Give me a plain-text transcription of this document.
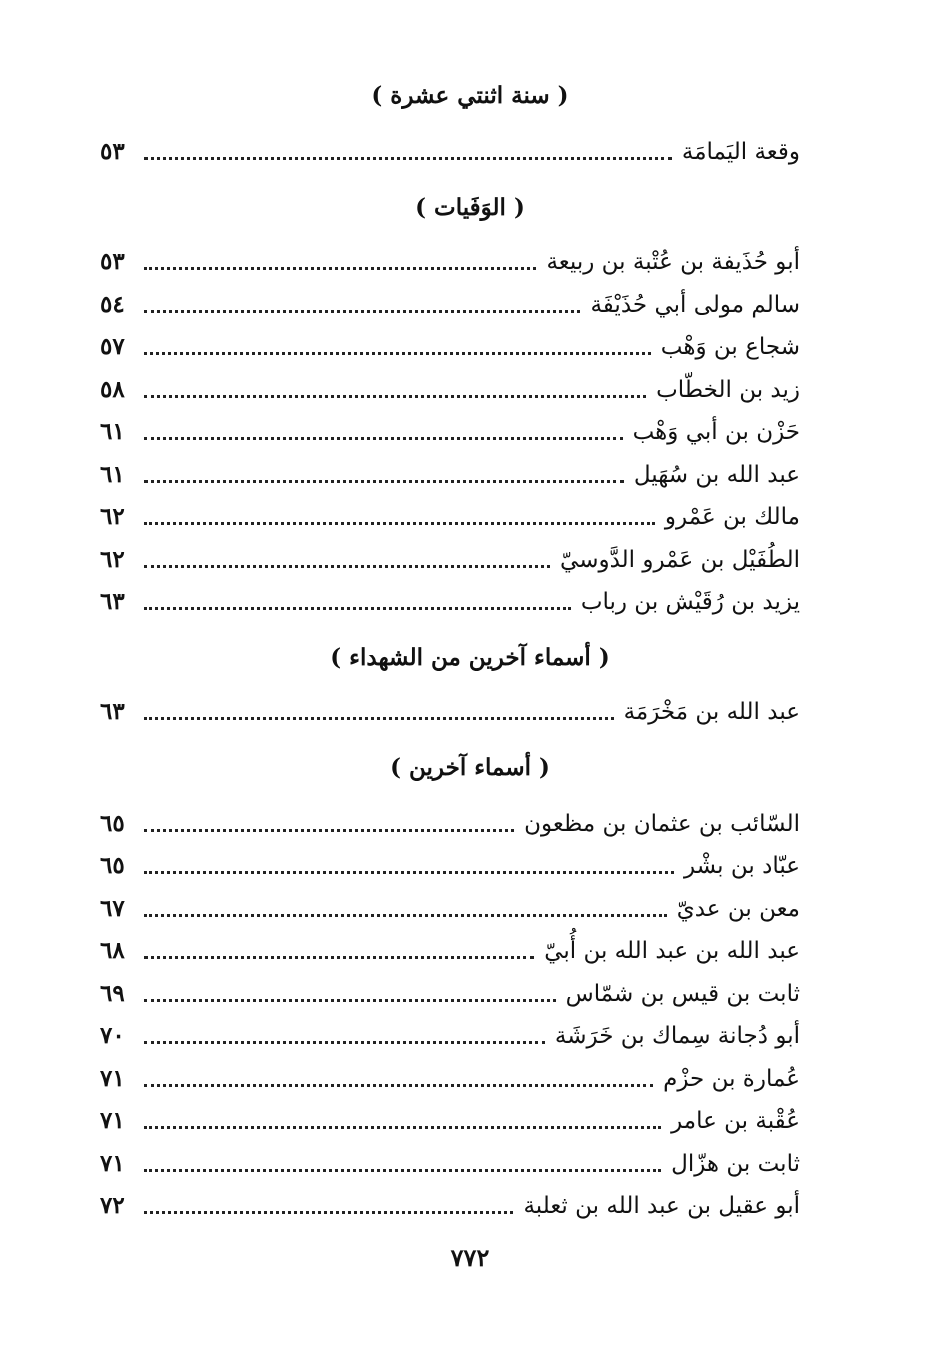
( سنة اثنتي عشرة )
وقعة اليَمامَة
٥٣
( الوَفَيات )
أبو حُذَيفة بن عُتْبة بن ربيعة
٥٣
سالم مولى أبي حُذَيْفَة
٥٤
شجاع بن وَهْب
٥٧
زيد بن الخطّاب
٥٨
حَزْن بن أبي وَهْب
٦١
عبد الله بن سُهَيل
٦١
مالك بن عَمْرو
٦٢
الطُفَيْل بن عَمْرو الدَّوسيّ
٦٢
يزيد بن رُقَيْش بن رباب
٦٣
( أسماء آخرين من الشهداء )
عبد الله بن مَخْرَمَة
٦٣
( أسماء آخرين )
السّائب بن عثمان بن مظعون
٦٥
عبّاد بن بشْر
٦٥
معن بن عديّ
٦٧
عبد الله بن عبد الله بن أُبيّ
٦٨
ثابت بن قيس بن شمّاس
٦٩
أبو دُجانة سِماك بن خَرَشَة
٧٠
عُمارة بن حزْم
٧١
عُقْبة بن عامر
٧١
ثابت بن هزّال
٧١
أبو عقيل بن عبد الله بن ثعلبة
٧٢
٧٧٢
